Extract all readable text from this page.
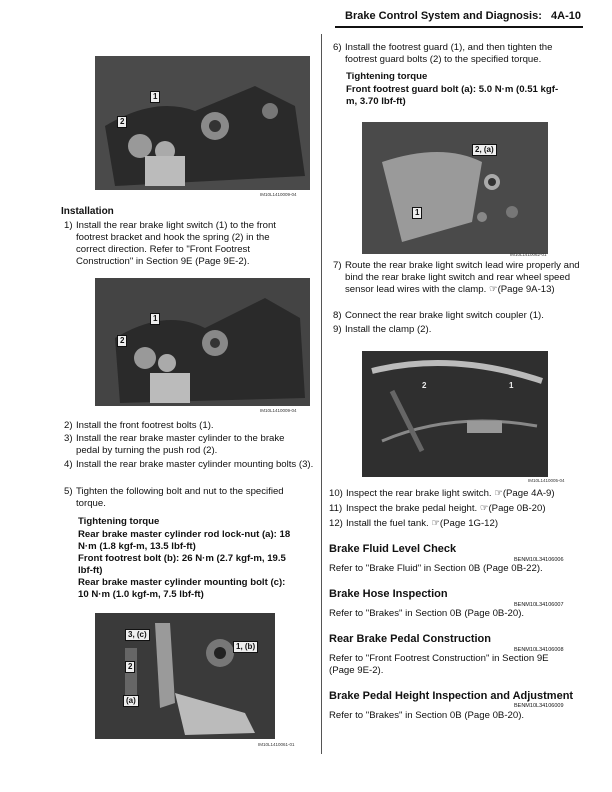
Brake Control System and Diagnosis: 4A-10
1
2
IM10L1410009-04
Installation
1) Install the rear brake light switch (1) to the front footrest bracket and hook the spring (2) in the correct direction. Refer to "Front Footrest Construction" in Section 9E (Page 9E-2).
1
2
IM10L1410009-04
2) Install the front footrest bolts (1).
3) Install the rear brake master cylinder to the brake pedal by turning the push rod (2).
4) Install the rear brake master cylinder mounting bolts (3).
5) Tighten the following bolt and nut to the specified torque.
Tightening torque
Rear brake master cylinder rod lock-nut (a): 18
N·m (1.8 kgf-m, 13.5 lbf-ft)
Front footrest bolt (b): 26 N·m (2.7 kgf-m, 19.5
lbf-ft)
Rear brake master cylinder mounting bolt (c):
10 N·m (1.0 kgf-m, 7.5 lbf-ft)
3, (c)
1, (b)
2
(a)
IM10L1410061-01
6) Install the footrest guard (1), and then tighten the footrest guard bolts (2) to the specified torque.
Tightening torque
Front footrest guard bolt (a): 5.0 N·m (0.51 kgf-
m, 3.70 lbf-ft)
2, (a)
1
IM10L1410062-01
7) Route the rear brake light switch lead wire properly and bind the rear brake light switch and rear wheel speed sensor lead wires with the clamp. ☞(Page 9A-13)
8) Connect the rear brake light switch coupler (1).
9) Install the clamp (2).
2	1
IM10L1410005-04
10) Inspect the rear brake light switch. ☞(Page 4A-9)
11) Inspect the brake pedal height. ☞(Page 0B-20)
12) Install the fuel tank. ☞(Page 1G-12)
Brake Fluid Level Check
BENM10L34106006
Refer to "Brake Fluid" in Section 0B (Page 0B-22).
Brake Hose Inspection
BENM10L34106007
Refer to "Brakes" in Section 0B (Page 0B-20).
Rear Brake Pedal Construction
BENM10L34106008
Refer to "Front Footrest Construction" in Section 9E (Page 9E-2).
Brake Pedal Height Inspection and Adjustment
BENM10L34106009
Refer to "Brakes" in Section 0B (Page 0B-20).
